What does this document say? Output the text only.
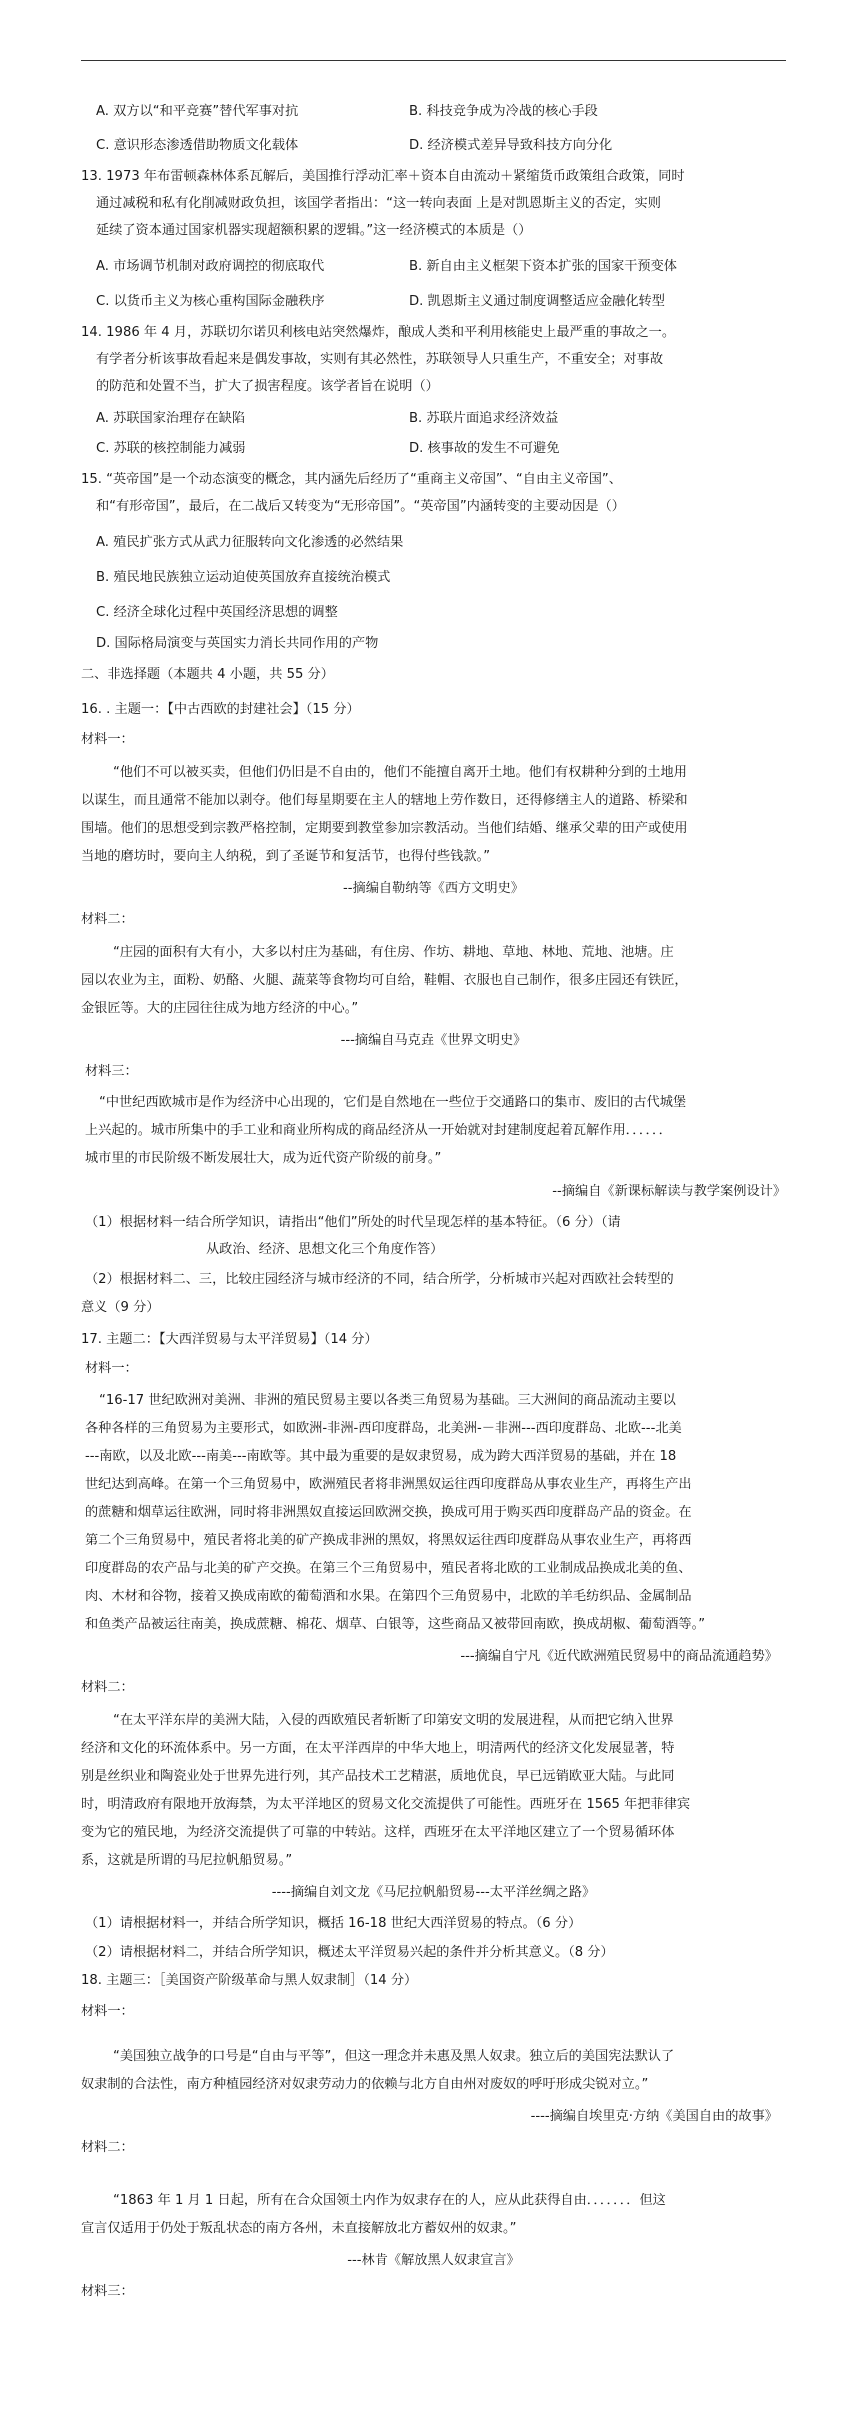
A. 双方以“和平竞赛”替代军事对抗	B. 科技竞争成为冷战的核心手段
C. 意识形态渗透借助物质文化载体	D. 经济模式差异导致科技方向分化
13. 1973 年布雷顿森林体系瓦解后，美国推行浮动汇率＋资本自由流动＋紧缩货币政策组合政策，同时
通过减税和私有化削减财政负担，该国学者指出：“这一转向表面 上是对凯恩斯主义的否定，实则
延续了资本通过国家机器实现超额积累的逻辑。”这一经济模式的本质是（）
A. 市场调节机制对政府调控的彻底取代	B. 新自由主义框架下资本扩张的国家干预变体
C. 以货币主义为核心重构国际金融秩序	D. 凯恩斯主义通过制度调整适应金融化转型
14. 1986 年 4 月，苏联切尔诺贝利核电站突然爆炸，酿成人类和平利用核能史上最严重的事故之一。
有学者分析该事故看起来是偶发事故，实则有其必然性，苏联领导人只重生产，不重安全；对事故
的防范和处置不当，扩大了损害程度。该学者旨在说明（）
A. 苏联国家治理存在缺陷	B. 苏联片面追求经济效益
C. 苏联的核控制能力减弱	D. 核事故的发生不可避免
15. “英帝国”是一个动态演变的概念，其内涵先后经历了“重商主义帝国”、“自由主义帝国”、
和“有形帝国”，最后，在二战后又转变为“无形帝国”。“英帝国”内涵转变的主要动因是（）
A. 殖民扩张方式从武力征服转向文化渗透的必然结果
B. 殖民地民族独立运动迫使英国放弃直接统治模式
C. 经济全球化过程中英国经济思想的调整
D. 国际格局演变与英国实力消长共同作用的产物
二、非选择题（本题共 4 小题，共 55 分）
16. . 主题一：【中古西欧的封建社会】（15 分）
材料一：
“他们不可以被买卖，但他们仍旧是不自由的，他们不能擅自离开土地。他们有权耕种分到的土地用
以谋生，而且通常不能加以剥夺。他们每星期要在主人的辖地上劳作数日，还得修缮主人的道路、桥梁和
围墙。他们的思想受到宗教严格控制，定期要到教堂参加宗教活动。当他们结婚、继承父辈的田产或使用
当地的磨坊时，要向主人纳税，到了圣诞节和复活节，也得付些钱款。”
--摘编自勒纳等《西方文明史》
材料二：
“庄园的面积有大有小，大多以村庄为基础，有住房、作坊、耕地、草地、林地、荒地、池塘。庄
园以农业为主，面粉、奶酪、火腿、蔬菜等食物均可自给，鞋帽、衣服也自己制作，很多庄园还有铁匠，
金银匠等。大的庄园往往成为地方经济的中心。”
---摘编自马克垚《世界文明史》
材料三：
“中世纪西欧城市是作为经济中心出现的，它们是自然地在一些位于交通路口的集市、废旧的古代城堡
上兴起的。城市所集中的手工业和商业所构成的商品经济从一开始就对封建制度起着瓦解作用．．．．．．
城市里的市民阶级不断发展壮大，成为近代资产阶级的前身。”
--摘编自《新课标解读与教学案例设计》
（1）根据材料一结合所学知识，请指出“他们”所处的时代呈现怎样的基本特征。（6 分）（请
从政治、经济、思想文化三个角度作答）
（2）根据材料二、三，比较庄园经济与城市经济的不同，结合所学，分析城市兴起对西欧社会转型的
意义（9 分）
17. 主题二：【大西洋贸易与太平洋贸易】（14 分）
材料一：
“16-17 世纪欧洲对美洲、非洲的殖民贸易主要以各类三角贸易为基础。三大洲间的商品流动主要以
各种各样的三角贸易为主要形式，如欧洲-非洲-西印度群岛，北美洲-－非洲---西印度群岛、北欧---北美
---南欧，以及北欧---南美---南欧等。其中最为重要的是奴隶贸易，成为跨大西洋贸易的基础，并在 18
世纪达到高峰。在第一个三角贸易中，欧洲殖民者将非洲黑奴运往西印度群岛从事农业生产，再将生产出
的蔗糖和烟草运往欧洲，同时将非洲黑奴直接运回欧洲交换，换成可用于购买西印度群岛产品的资金。在
第二个三角贸易中，殖民者将北美的矿产换成非洲的黑奴，将黑奴运往西印度群岛从事农业生产，再将西
印度群岛的农产品与北美的矿产交换。在第三个三角贸易中，殖民者将北欧的工业制成品换成北美的鱼、
肉、木材和谷物，接着又换成南欧的葡萄酒和水果。在第四个三角贸易中，北欧的羊毛纺织品、金属制品
和鱼类产品被运往南美，换成蔗糖、棉花、烟草、白银等，这些商品又被带回南欧，换成胡椒、葡萄酒等。”
---摘编自宁凡《近代欧洲殖民贸易中的商品流通趋势》
材料二：
“在太平洋东岸的美洲大陆，入侵的西欧殖民者斩断了印第安文明的发展进程，从而把它纳入世界
经济和文化的环流体系中。另一方面，在太平洋西岸的中华大地上，明清两代的经济文化发展显著，特
别是丝织业和陶瓷业处于世界先进行列，其产品技术工艺精湛，质地优良，早已远销欧亚大陆。与此同
时，明清政府有限地开放海禁，为太平洋地区的贸易文化交流提供了可能性。西班牙在 1565 年把菲律宾
变为它的殖民地，为经济交流提供了可靠的中转站。这样，西班牙在太平洋地区建立了一个贸易循环体
系，这就是所谓的马尼拉帆船贸易。”
----摘编自刘文龙《马尼拉帆船贸易---太平洋丝绸之路》
（1）请根据材料一，并结合所学知识，概括 16-18 世纪大西洋贸易的特点。（6 分）
（2）请根据材料二，并结合所学知识，概述太平洋贸易兴起的条件并分析其意义。（8 分）
18. 主题三：［美国资产阶级革命与黑人奴隶制］（14 分）
材料一：
“美国独立战争的口号是“自由与平等”，但这一理念并未惠及黑人奴隶。独立后的美国宪法默认了
奴隶制的合法性，南方种植园经济对奴隶劳动力的依赖与北方自由州对废奴的呼吁形成尖锐对立。”
----摘编自埃里克·方纳《美国自由的故事》
材料二：
“1863 年 1 月 1 日起，所有在合众国领土内作为奴隶存在的人，应从此获得自由．．．．．．．但这
宣言仅适用于仍处于叛乱状态的南方各州，未直接解放北方蓄奴州的奴隶。”
---林肯《解放黑人奴隶宣言》
材料三：
